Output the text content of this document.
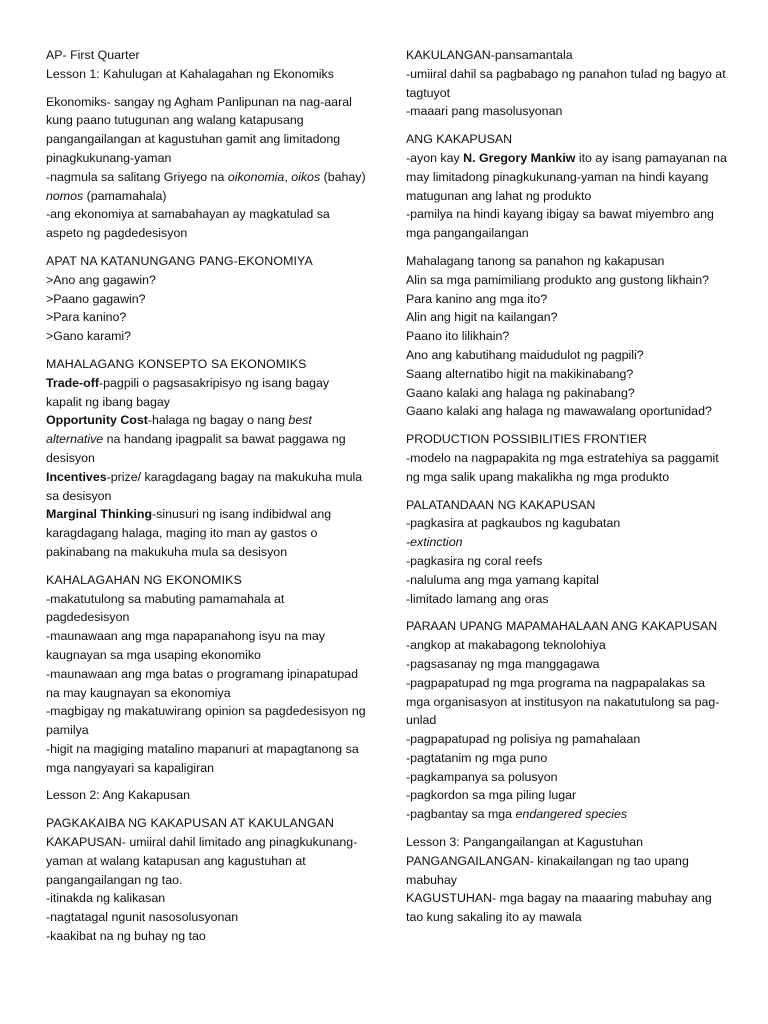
AP- First Quarter

Lesson 1: Kahulugan at Kahalagahan ng Ekonomiks

Ekonomiks- sangay ng Agham Panlipunan na nag-aaral kung paano tutugunan ang walang katapusang pangangailangan at kagustuhan gamit ang limitadong pinagkukunang-yaman

-nagmula sa salitang Griyego na oikonomia, oikos (bahay) nomos (pamamahala)

-ang ekonomiya at samabahayan ay magkatulad sa aspeto ng pagdedesisyon

APAT NA KATANUNGANG PANG-EKONOMIYA

>Ano ang gagawin?

>Paano gagawin?

>Para kanino?

>Gano karami?

MAHALAGANG KONSEPTO SA EKONOMIKS

Trade-off-pagpili o pagsasakripisyo ng isang bagay kapalit ng ibang bagay

Opportunity Cost-halaga ng bagay o nang best alternative na handang ipagpalit sa bawat paggawa ng desisyon

Incentives-prize/ karagdagang bagay na makukuha mula sa desisyon

Marginal Thinking-sinusuri ng isang indibidwal ang karagdagang halaga, maging ito man ay gastos o pakinabang na makukuha mula sa desisyon

KAHALAGAHAN NG EKONOMIKS

-makatutulong sa mabuting pamamahala at pagdedesisyon

-maunawaan ang mga napapanahong isyu na may kaugnayan sa mga usaping ekonomiko

-maunawaan ang mga batas o programang ipinapatupad na may kaugnayan sa ekonomiya

-magbigay ng makatuwirang opinion sa pagdedesisyon ng pamilya

-higit na magiging matalino mapanuri at mapagtanong sa mga nangyayari sa kapaligiran

Lesson 2: Ang Kakapusan

PAGKAKAIBA NG KAKAPUSAN AT KAKULANGAN

KAKAPUSAN- umiiral dahil limitado ang pinagkukunang-yaman at walang katapusan ang kagustuhan at pangangailangan ng tao.

-itinakda ng kalikasan

-nagtatagal ngunit nasosolusyonan

-kaakibat na ng buhay ng tao

KAKULANGAN-pansamantala

-umiiral dahil sa pagbabago ng panahon tulad ng bagyo at tagtuyot

-maaari pang masolusyonan

ANG KAKAPUSAN

-ayon kay N. Gregory Mankiw ito ay isang pamayanan na may limitadong pinagkukunang-yaman na hindi kayang matugunan ang lahat ng produkto

-pamilya na hindi kayang ibigay sa bawat miyembro ang mga pangangailangan

Mahalagang tanong sa panahon ng kakapusan

Alin sa mga pamimiliang produkto ang gustong likhain?

Para kanino ang mga ito?

Alin ang higit na kailangan?

Paano ito lilikhain?

Ano ang kabutihang maidudulot ng pagpili?

Saang alternatibo higit na makikinabang?

Gaano kalaki ang halaga ng pakinabang?

Gaano kalaki ang halaga ng mawawalang oportunidad?

PRODUCTION POSSIBILITIES FRONTIER

-modelo na nagpapakita ng mga estratehiya sa paggamit ng mga salik upang makalikha ng mga produkto

PALATANDAAN NG KAKAPUSAN

-pagkasira at pagkaubos ng kagubatan

-extinction

-pagkasira ng coral reefs

-naluluma ang mga yamang kapital

-limitado lamang ang oras

PARAAN UPANG MAPAMAHALAAN ANG KAKAPUSAN

-angkop at makabagong teknolohiya

-pagsasanay ng mga manggagawa

-pagpapatupad ng mga programa na nagpapalakas sa mga organisasyon at institusyon na nakatutulong sa pag-unlad

-pagpapatupad ng polisiya ng pamahalaan

-pagtatanim ng mga puno

-pagkampanya sa polusyon

-pagkordon sa mga piling lugar

-pagbantay sa mga endangered species

Lesson 3: Pangangailangan at Kagustuhan

PANGANGAILANGAN- kinakailangan ng tao upang mabuhay

KAGUSTUHAN- mga bagay na maaaring mabuhay ang tao kung sakaling ito ay mawala
